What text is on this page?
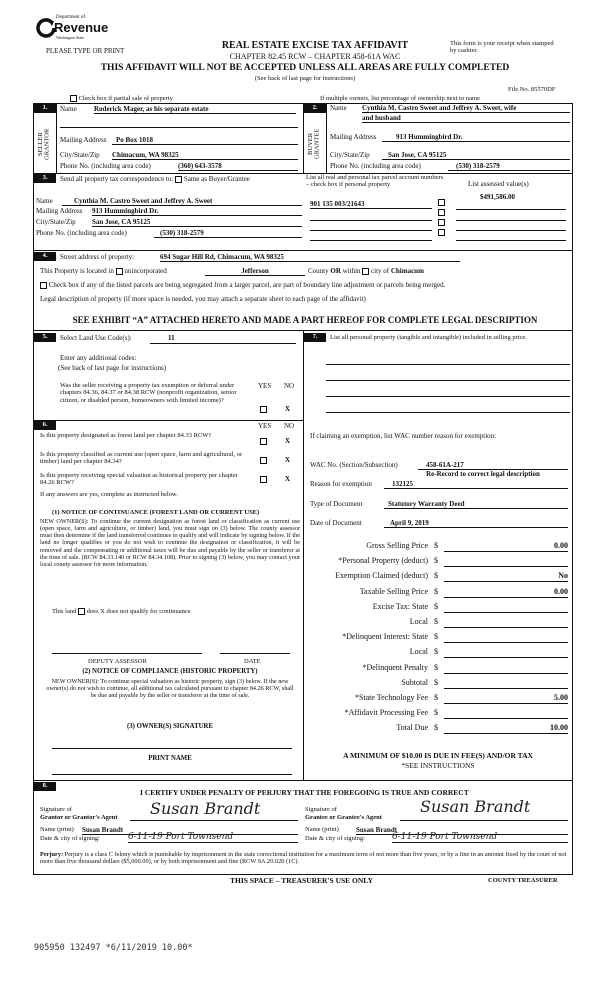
Department of
Revenue
Washington State
PLEASE TYPE OR PRINT	REAL ESTATE EXCISE TAX AFFIDAVIT
CHAPTER 82.45 RCW – CHAPTER 458-61A WAC
This form is your receipt when stamped by cashier.
THIS AFFIDAVIT WILL NOT BE ACCEPTED UNLESS ALL AREAS ARE FULLY COMPLETED
(See back of last page for instructions)
File No. 85570DF
Check box if partial sale of property	If multiple owners, list percentage of ownership next to name
1.
SELLER GRANTOR
Name Roderick Mager, as his separate estate
Mailing Address	Po Box 1018
City/State/Zip Chimacum, WA 98325
Phone No. (including area code)	(360) 643-3578
2.
BUYER GRANTEE
Name Cynthia M. Castro Sweet and Jeffrey A. Sweet, wife
and husband
Mailing Address	913 Hummingbird Dr.
City/State/Zip	San Jose, CA 95125
Phone No. (including area code)	(530) 318-2579
3.	Send all property tax correspondence to: Same as Buyer/Grantee	List all real and personal tax parcel account numbers – check box if personal property	List assessed value(s)
Name	Cynthia M. Castro Sweet and Jeffrey A. Sweet
Mailing Address 913 Hummingbird Dr.
City/State/Zip San Jose, CA 95125
Phone No. (including area code)	(530) 318-2579
$491,586.00
901 135 003/21643
4.	Street address of property:	694 Sugar Hill Rd, Chimacum, WA 98325
This Property is located in unincorporated	Jefferson	County OR within city of Chimacum
Check box if any of the listed parcels are being segregated from a larger parcel, are part of boundary line adjustment or parcels being merged.
Legal description of property (if more space is needed, you may attach a separate sheet to each page of the affidavit)
SEE EXHIBIT “A” ATTACHED HERETO AND MADE A PART HEREOF FOR COMPLETE LEGAL DESCRIPTION
5.	Select Land Use Code(s):	11
Enter any additional codes:
(See back of last page for instructions)
YES NO
Was the seller receiving a property tax exemption or deferral under chapters 84.36, 84.37 or 84.38 RCW (nonprofit organization, senior citizen, or disabled person, homeowners with limited income)?
X
7.	List all personal property (tangible and intangible) included in selling price.
6.	YES NO
Is this property designated as forest land per chapter 84.33 RCW?
X
Is this property classified as current use (open space, farm and agricultural, or timber) land per chapter 84.34?	X
Is this property receiving special valuation as historical property per chapter 84.26 RCW?	X
If any answers are yes, complete as instructed below.
(1) NOTICE OF CONTINUANCE (FOREST LAND OR CURRENT USE)
NEW OWNER(S): To continue the current designation as forest land or classification as current use (open space, farm and agriculture, or timber) land, you must sign on (3) below. The county assessor must then determine if the land transferred continues to qualify and will indicate by signing below. If the land no longer qualifies or you do not wish to continue the designation or classification, it will be removed and the compensating or additional taxes will be due and payable by the seller or transferor at the time of sale. (RCW 84.33.140 or RCW 84.34.108). Prior to signing (3) below, you may contact your local county assessor for more information.
This land does X does not qualify for continuance
DEPUTY ASSESSOR	DATE
(2) NOTICE OF COMPLIANCE (HISTORIC PROPERTY)
NEW OWNER(S): To continue special valuation as historic property, sign (3) below. If the new owner(s) do not wish to continue, all additional tax calculated pursuant to chapter 84.26 RCW, shall be due and payable by the seller or transferor at the time of sale.
(3) OWNER(S) SIGNATURE
PRINT NAME
If claiming an exemption, list WAC number reason for exemption:
WAC No. (Section/Subsection)	458-61A-217
Re-Record to correct legal description
Reason for exemption	132125
Type of Document	Statutory Warranty Deed
Date of Document	April 9, 2019
Gross Selling Price $	0.00
*Personal Property (deduct) $
Exemption Claimed (deduct) $	No
Taxable Selling Price $	0.00
Excise Tax: State $
Local $
*Delinquent Interest: State $
Local $
*Delinquent Penalty $
Subtotal $
*State Technology Fee $	5.00
*Affidavit Processing Fee $
Total Due $	10.00
A MINIMUM OF $10.00 IS DUE IN FEE(S) AND/OR TAX
*SEE INSTRUCTIONS
8.
I CERTIFY UNDER PENALTY OF PERJURY THAT THE FOREGOING IS TRUE AND CORRECT
Signature of
Grantor or Grantor's Agent Susan Brandt
Name (print) Susan Brandt
Date & city of signing:	6-11-19 Port Townsend
Signature of
Grantee or Grantee's Agent
Susan Brandt
Name (print) Susan Brandt
Date & city of signing:	6-11-19 Port Townsend
Perjury: Perjury is a class C felony which is punishable by imprisonment in the state correctional institution for a maximum term of not more than five years, or by a fine in an amount fixed by the court of not more than five thousand dollars ($5,000.00), or by both imprisonment and fine (RCW 9A.20.020 (1C).
THIS SPACE – TREASURER'S USE ONLY	COUNTY TREASURER
905950 132497 *6/11/2019 10.00*
